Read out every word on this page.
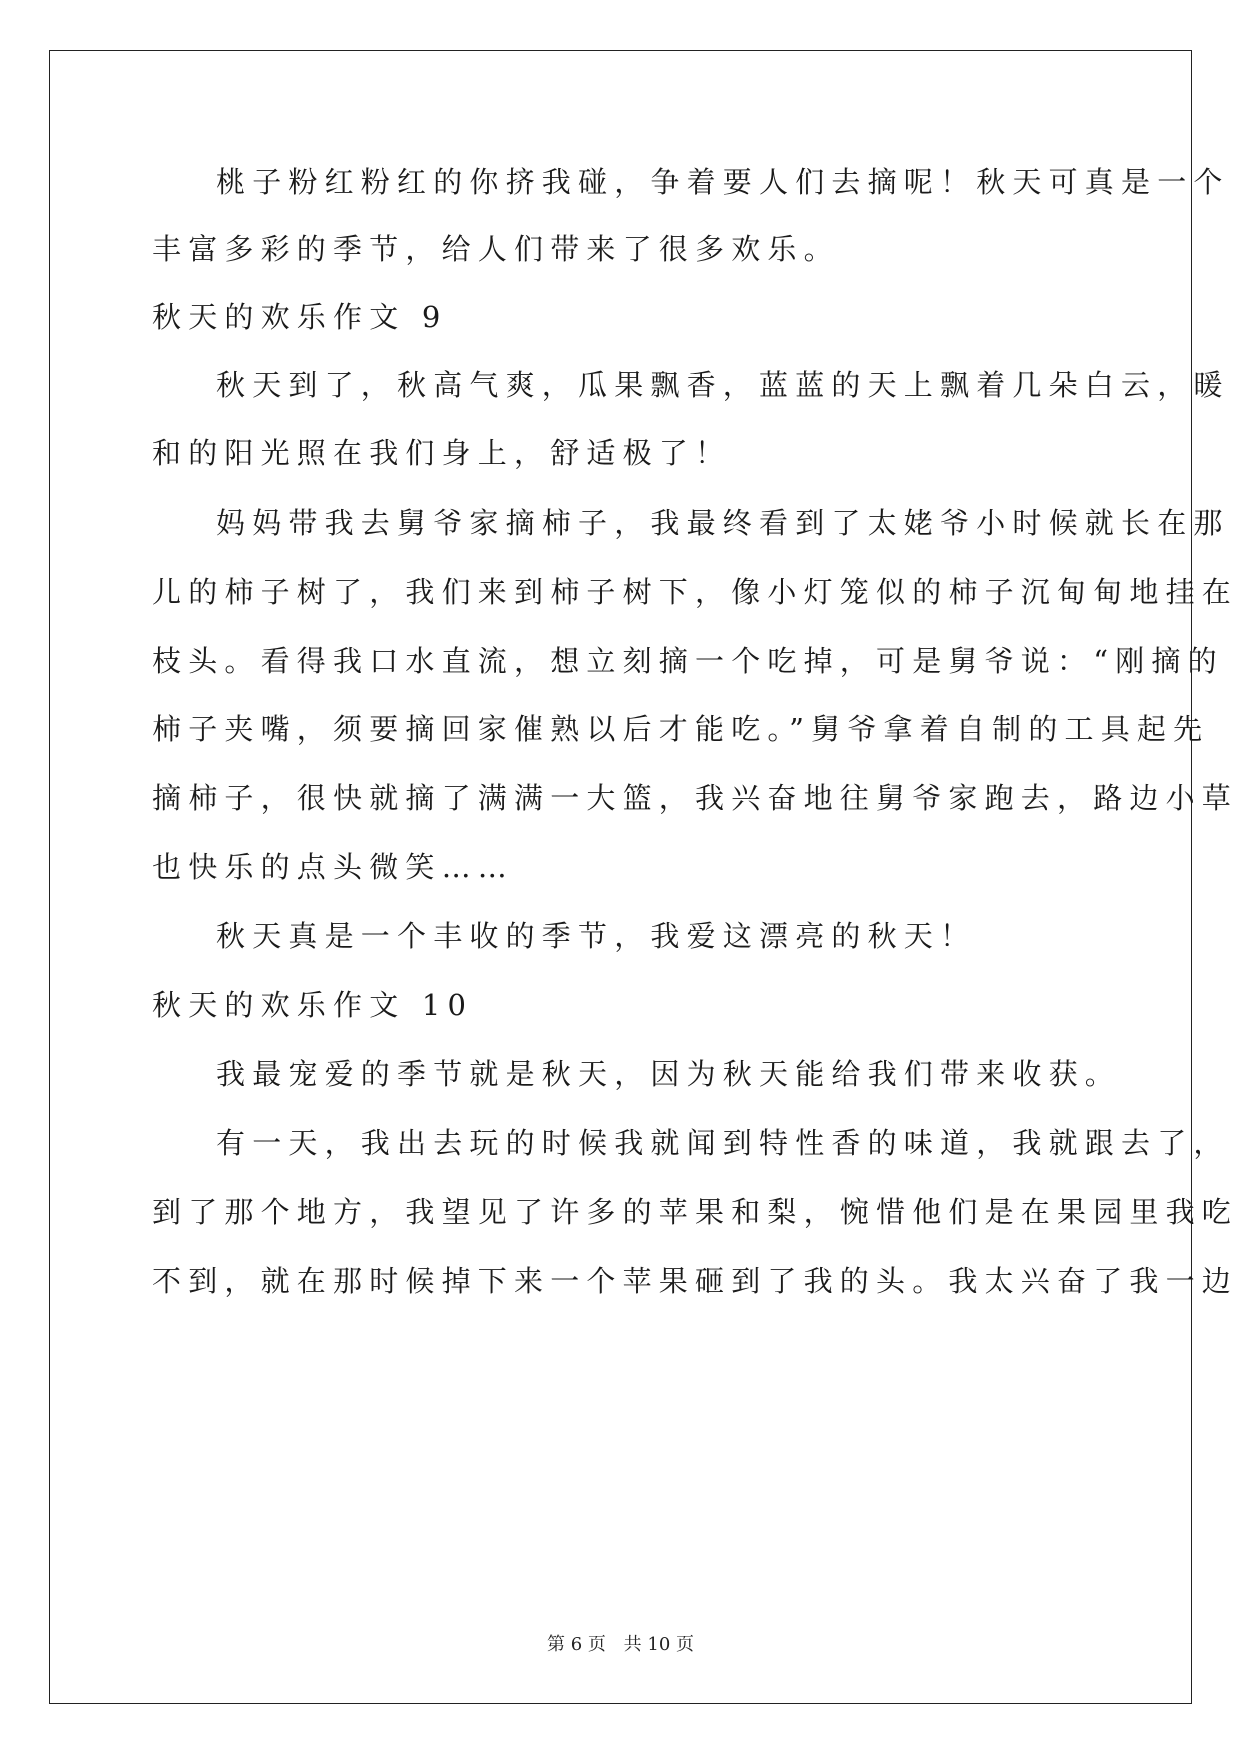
桃子粉红粉红的你挤我碰，争着要人们去摘呢！秋天可真是一个
丰富多彩的季节，给人们带来了很多欢乐。
秋天的欢乐作文 9
秋天到了，秋高气爽，瓜果飘香，蓝蓝的天上飘着几朵白云，暖
和的阳光照在我们身上，舒适极了！
妈妈带我去舅爷家摘柿子，我最终看到了太姥爷小时候就长在那
儿的柿子树了，我们来到柿子树下，像小灯笼似的柿子沉甸甸地挂在
枝头。看得我口水直流，想立刻摘一个吃掉，可是舅爷说：“刚摘的
柿子夹嘴，须要摘回家催熟以后才能吃。”舅爷拿着自制的工具起先
摘柿子，很快就摘了满满一大篮，我兴奋地往舅爷家跑去，路边小草
也快乐的点头微笑……
秋天真是一个丰收的季节，我爱这漂亮的秋天！
秋天的欢乐作文 10
我最宠爱的季节就是秋天，因为秋天能给我们带来收获。
有一天，我出去玩的时候我就闻到特性香的味道，我就跟去了，
到了那个地方，我望见了许多的苹果和梨，惋惜他们是在果园里我吃
不到，就在那时候掉下来一个苹果砸到了我的头。我太兴奋了我一边
第 6 页 共 10 页
